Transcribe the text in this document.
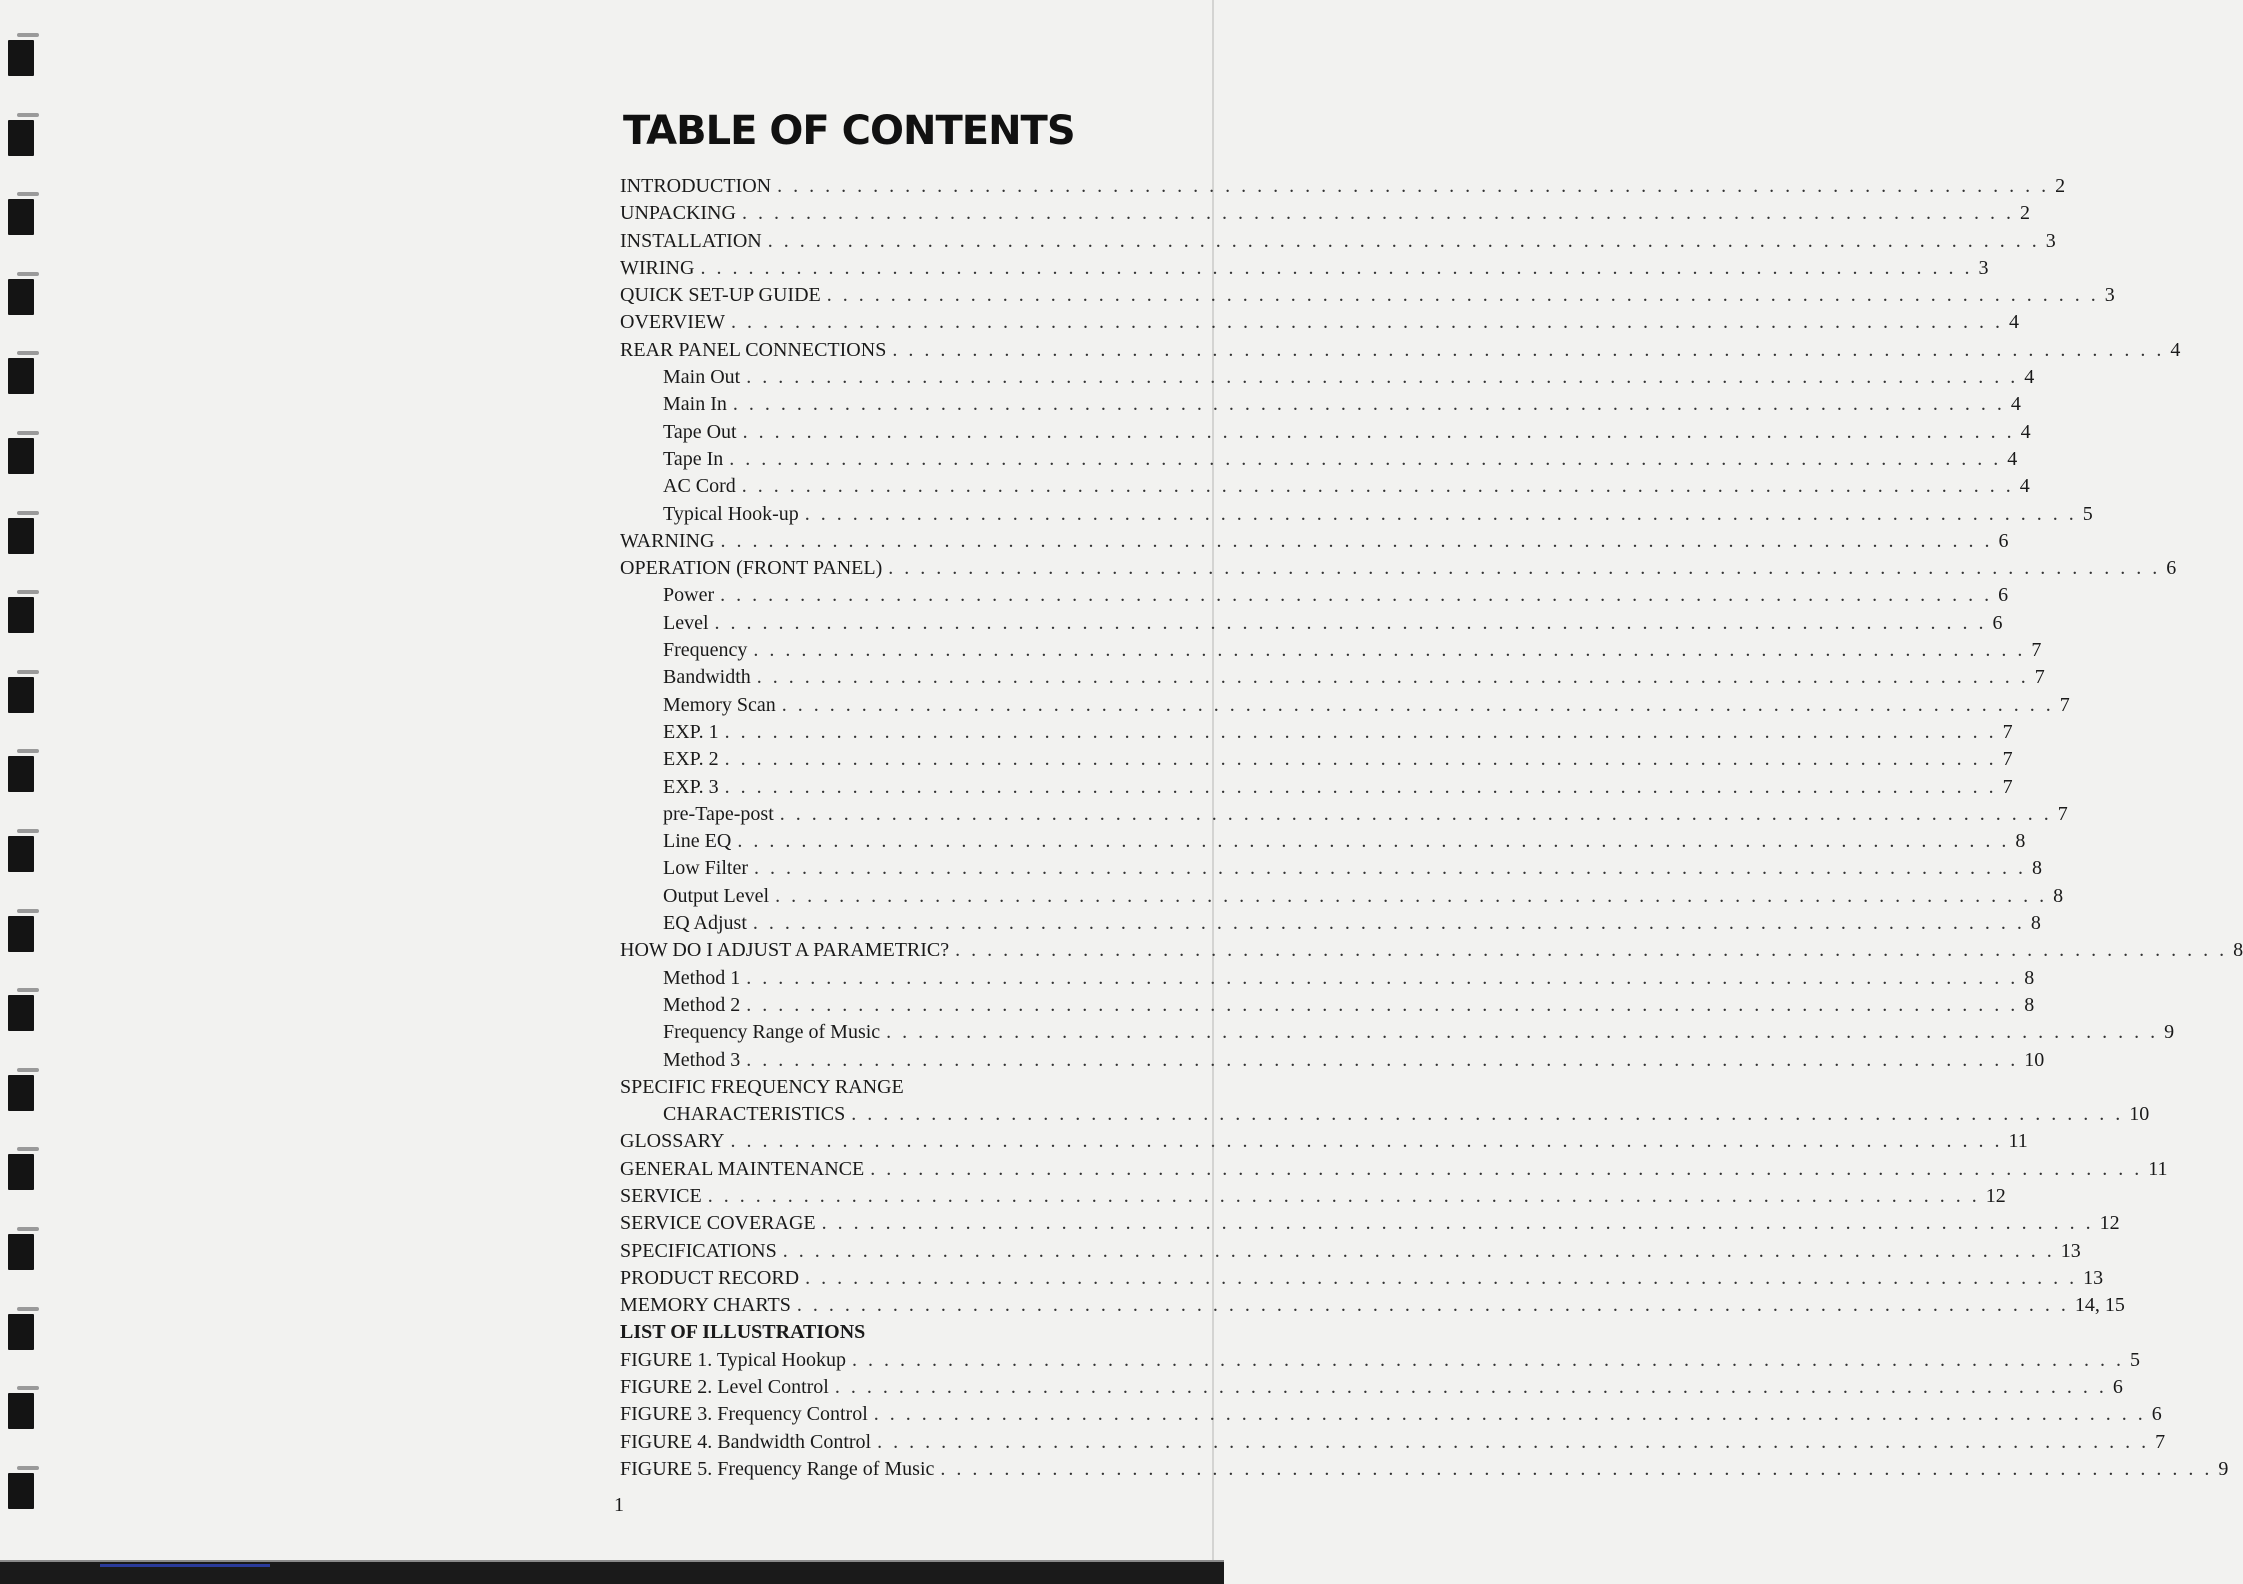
TABLE OF CONTENTS
INTRODUCTION . . . . . . . . . . . . . . . . . . . . . . . . . . . . . . . . . . . . . . . . . . . . . . . . . . . . . . . . . . . . . . . . . . . . . . . . . . . . . . . . 2
UNPACKING . . . . . . . . . . . . . . . . . . . . . . . . . . . . . . . . . . . . . . . . . . . . . . . . . . . . . . . . . . . . . . . . . . . . . . . . . . . . . . . . 2
INSTALLATION . . . . . . . . . . . . . . . . . . . . . . . . . . . . . . . . . . . . . . . . . . . . . . . . . . . . . . . . . . . . . . . . . . . . . . . . . . . . . . . . 3
WIRING . . . . . . . . . . . . . . . . . . . . . . . . . . . . . . . . . . . . . . . . . . . . . . . . . . . . . . . . . . . . . . . . . . . . . . . . . . . . . . . . 3
QUICK SET-UP GUIDE . . . . . . . . . . . . . . . . . . . . . . . . . . . . . . . . . . . . . . . . . . . . . . . . . . . . . . . . . . . . . . . . . . . . . . . . . . . . . . . . 3
OVERVIEW . . . . . . . . . . . . . . . . . . . . . . . . . . . . . . . . . . . . . . . . . . . . . . . . . . . . . . . . . . . . . . . . . . . . . . . . . . . . . . . . 4
REAR PANEL CONNECTIONS . . . . . . . . . . . . . . . . . . . . . . . . . . . . . . . . . . . . . . . . . . . . . . . . . . . . . . . . . . . . . . . . . . . . . . . . . . . . . . . . 4
Main Out . . . . . . . . . . . . . . . . . . . . . . . . . . . . . . . . . . . . . . . . . . . . . . . . . . . . . . . . . . . . . . . . . . . . . . . . . . . . . . . . 4
Main In . . . . . . . . . . . . . . . . . . . . . . . . . . . . . . . . . . . . . . . . . . . . . . . . . . . . . . . . . . . . . . . . . . . . . . . . . . . . . . . . 4
Tape Out . . . . . . . . . . . . . . . . . . . . . . . . . . . . . . . . . . . . . . . . . . . . . . . . . . . . . . . . . . . . . . . . . . . . . . . . . . . . . . . . 4
Tape In . . . . . . . . . . . . . . . . . . . . . . . . . . . . . . . . . . . . . . . . . . . . . . . . . . . . . . . . . . . . . . . . . . . . . . . . . . . . . . . . 4
AC Cord . . . . . . . . . . . . . . . . . . . . . . . . . . . . . . . . . . . . . . . . . . . . . . . . . . . . . . . . . . . . . . . . . . . . . . . . . . . . . . . . 4
Typical Hook-up . . . . . . . . . . . . . . . . . . . . . . . . . . . . . . . . . . . . . . . . . . . . . . . . . . . . . . . . . . . . . . . . . . . . . . . . . . . . . . . . 5
WARNING . . . . . . . . . . . . . . . . . . . . . . . . . . . . . . . . . . . . . . . . . . . . . . . . . . . . . . . . . . . . . . . . . . . . . . . . . . . . . . . . 6
OPERATION (FRONT PANEL) . . . . . . . . . . . . . . . . . . . . . . . . . . . . . . . . . . . . . . . . . . . . . . . . . . . . . . . . . . . . . . . . . . . . . . . . . . . . . . . . 6
Power . . . . . . . . . . . . . . . . . . . . . . . . . . . . . . . . . . . . . . . . . . . . . . . . . . . . . . . . . . . . . . . . . . . . . . . . . . . . . . . . 6
Level . . . . . . . . . . . . . . . . . . . . . . . . . . . . . . . . . . . . . . . . . . . . . . . . . . . . . . . . . . . . . . . . . . . . . . . . . . . . . . . . 6
Frequency . . . . . . . . . . . . . . . . . . . . . . . . . . . . . . . . . . . . . . . . . . . . . . . . . . . . . . . . . . . . . . . . . . . . . . . . . . . . . . . . 7
Bandwidth . . . . . . . . . . . . . . . . . . . . . . . . . . . . . . . . . . . . . . . . . . . . . . . . . . . . . . . . . . . . . . . . . . . . . . . . . . . . . . . . 7
Memory Scan . . . . . . . . . . . . . . . . . . . . . . . . . . . . . . . . . . . . . . . . . . . . . . . . . . . . . . . . . . . . . . . . . . . . . . . . . . . . . . . . 7
EXP. 1 . . . . . . . . . . . . . . . . . . . . . . . . . . . . . . . . . . . . . . . . . . . . . . . . . . . . . . . . . . . . . . . . . . . . . . . . . . . . . . . . 7
EXP. 2 . . . . . . . . . . . . . . . . . . . . . . . . . . . . . . . . . . . . . . . . . . . . . . . . . . . . . . . . . . . . . . . . . . . . . . . . . . . . . . . . 7
EXP. 3 . . . . . . . . . . . . . . . . . . . . . . . . . . . . . . . . . . . . . . . . . . . . . . . . . . . . . . . . . . . . . . . . . . . . . . . . . . . . . . . . 7
pre-Tape-post . . . . . . . . . . . . . . . . . . . . . . . . . . . . . . . . . . . . . . . . . . . . . . . . . . . . . . . . . . . . . . . . . . . . . . . . . . . . . . . . 7
Line EQ . . . . . . . . . . . . . . . . . . . . . . . . . . . . . . . . . . . . . . . . . . . . . . . . . . . . . . . . . . . . . . . . . . . . . . . . . . . . . . . . 8
Low Filter . . . . . . . . . . . . . . . . . . . . . . . . . . . . . . . . . . . . . . . . . . . . . . . . . . . . . . . . . . . . . . . . . . . . . . . . . . . . . . . . 8
Output Level . . . . . . . . . . . . . . . . . . . . . . . . . . . . . . . . . . . . . . . . . . . . . . . . . . . . . . . . . . . . . . . . . . . . . . . . . . . . . . . . 8
EQ Adjust . . . . . . . . . . . . . . . . . . . . . . . . . . . . . . . . . . . . . . . . . . . . . . . . . . . . . . . . . . . . . . . . . . . . . . . . . . . . . . . . 8
HOW DO I ADJUST A PARAMETRIC? . . . . . . . . . . . . . . . . . . . . . . . . . . . . . . . . . . . . . . . . . . . . . . . . . . . . . . . . . . . . . . . . . . . . . . . . . . . . . . . . 8
Method 1 . . . . . . . . . . . . . . . . . . . . . . . . . . . . . . . . . . . . . . . . . . . . . . . . . . . . . . . . . . . . . . . . . . . . . . . . . . . . . . . . 8
Method 2 . . . . . . . . . . . . . . . . . . . . . . . . . . . . . . . . . . . . . . . . . . . . . . . . . . . . . . . . . . . . . . . . . . . . . . . . . . . . . . . . 8
Frequency Range of Music . . . . . . . . . . . . . . . . . . . . . . . . . . . . . . . . . . . . . . . . . . . . . . . . . . . . . . . . . . . . . . . . . . . . . . . . . . . . . . . . 9
Method 3 . . . . . . . . . . . . . . . . . . . . . . . . . . . . . . . . . . . . . . . . . . . . . . . . . . . . . . . . . . . . . . . . . . . . . . . . . . . . . . . . 10
SPECIFIC FREQUENCY RANGE
CHARACTERISTICS . . . . . . . . . . . . . . . . . . . . . . . . . . . . . . . . . . . . . . . . . . . . . . . . . . . . . . . . . . . . . . . . . . . . . . . . . . . . . . . . 10
GLOSSARY . . . . . . . . . . . . . . . . . . . . . . . . . . . . . . . . . . . . . . . . . . . . . . . . . . . . . . . . . . . . . . . . . . . . . . . . . . . . . . . . 11
GENERAL MAINTENANCE . . . . . . . . . . . . . . . . . . . . . . . . . . . . . . . . . . . . . . . . . . . . . . . . . . . . . . . . . . . . . . . . . . . . . . . . . . . . . . . . 11
SERVICE . . . . . . . . . . . . . . . . . . . . . . . . . . . . . . . . . . . . . . . . . . . . . . . . . . . . . . . . . . . . . . . . . . . . . . . . . . . . . . . . 12
SERVICE COVERAGE . . . . . . . . . . . . . . . . . . . . . . . . . . . . . . . . . . . . . . . . . . . . . . . . . . . . . . . . . . . . . . . . . . . . . . . . . . . . . . . . 12
SPECIFICATIONS . . . . . . . . . . . . . . . . . . . . . . . . . . . . . . . . . . . . . . . . . . . . . . . . . . . . . . . . . . . . . . . . . . . . . . . . . . . . . . . . 13
PRODUCT RECORD . . . . . . . . . . . . . . . . . . . . . . . . . . . . . . . . . . . . . . . . . . . . . . . . . . . . . . . . . . . . . . . . . . . . . . . . . . . . . . . . 13
MEMORY CHARTS . . . . . . . . . . . . . . . . . . . . . . . . . . . . . . . . . . . . . . . . . . . . . . . . . . . . . . . . . . . . . . . . . . . . . . . . . . . . . . . . 14, 15
LIST OF ILLUSTRATIONS
FIGURE 1. Typical Hookup . . . . . . . . . . . . . . . . . . . . . . . . . . . . . . . . . . . . . . . . . . . . . . . . . . . . . . . . . . . . . . . . . . . . . . . . . . . . . . . . 5
FIGURE 2. Level Control . . . . . . . . . . . . . . . . . . . . . . . . . . . . . . . . . . . . . . . . . . . . . . . . . . . . . . . . . . . . . . . . . . . . . . . . . . . . . . . . 6
FIGURE 3. Frequency Control . . . . . . . . . . . . . . . . . . . . . . . . . . . . . . . . . . . . . . . . . . . . . . . . . . . . . . . . . . . . . . . . . . . . . . . . . . . . . . . . 6
FIGURE 4. Bandwidth Control . . . . . . . . . . . . . . . . . . . . . . . . . . . . . . . . . . . . . . . . . . . . . . . . . . . . . . . . . . . . . . . . . . . . . . . . . . . . . . . . 7
FIGURE 5. Frequency Range of Music . . . . . . . . . . . . . . . . . . . . . . . . . . . . . . . . . . . . . . . . . . . . . . . . . . . . . . . . . . . . . . . . . . . . . . . . . . . . . . . . 9
1
